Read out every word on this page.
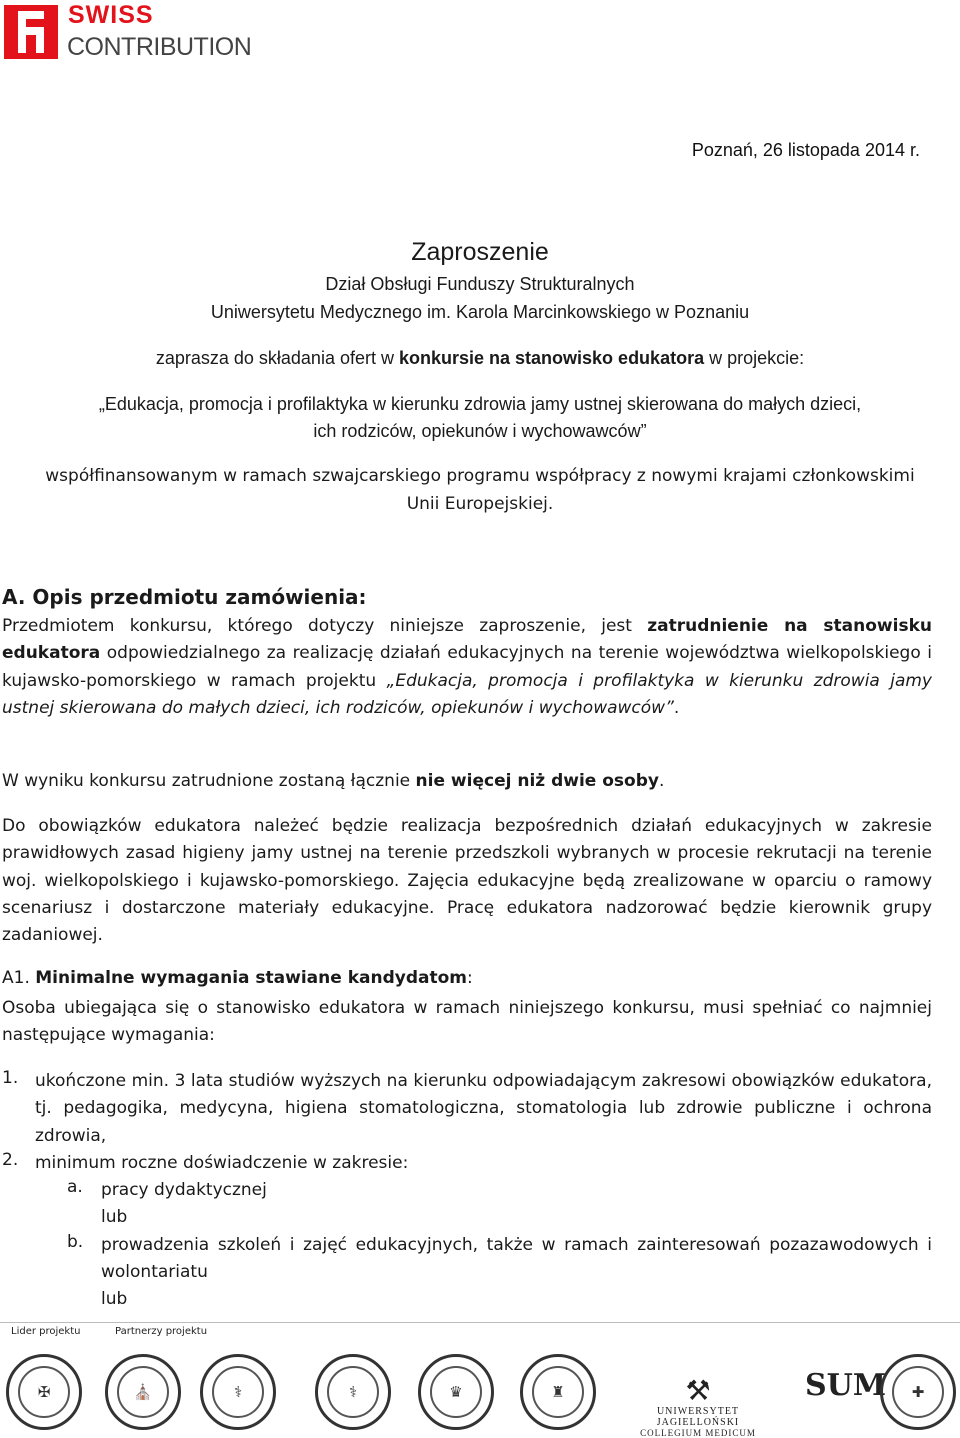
SWISS
CONTRIBUTION
Poznań, 26 listopada 2014 r.
Zaproszenie
Dział Obsługi Funduszy Strukturalnych
Uniwersytetu Medycznego im. Karola Marcinkowskiego w Poznaniu
zaprasza do składania ofert w konkursie na stanowisko edukatora w projekcie:
„Edukacja, promocja i profilaktyka w kierunku zdrowia jamy ustnej skierowana do małych dzieci,
ich rodziców, opiekunów i wychowawców”
współfinansowanym w ramach szwajcarskiego programu współpracy z nowymi krajami członkowskimi
Unii Europejskiej.
A. Opis przedmiotu zamówienia:
Przedmiotem konkursu, którego dotyczy niniejsze zaproszenie, jest zatrudnienie na stanowisku edukatora odpowiedzialnego za realizację działań edukacyjnych na terenie województwa wielkopolskiego i kujawsko-pomorskiego w ramach projektu „Edukacja, promocja i profilaktyka w kierunku zdrowia jamy ustnej skierowana do małych dzieci, ich rodziców, opiekunów i wychowawców”.
W wyniku konkursu zatrudnione zostaną łącznie nie więcej niż dwie osoby.
Do obowiązków edukatora należeć będzie realizacja bezpośrednich działań edukacyjnych w zakresie prawidłowych zasad higieny jamy ustnej na terenie przedszkoli wybranych w procesie rekrutacji na terenie woj. wielkopolskiego i kujawsko-pomorskiego. Zajęcia edukacyjne będą zrealizowane w oparciu o ramowy scenariusz i dostarczone materiały edukacyjne. Pracę edukatora nadzorować będzie kierownik grupy zadaniowej.
A1. Minimalne wymagania stawiane kandydatom:
Osoba ubiegająca się o stanowisko edukatora w ramach niniejszego konkursu, musi spełniać co najmniej następujące wymagania:
1. ukończone min. 3 lata studiów wyższych na kierunku odpowiadającym zakresowi obowiązków edukatora, tj. pedagogika, medycyna, higiena stomatologiczna, stomatologia lub zdrowie publiczne i ochrona zdrowia,
2. minimum roczne doświadczenie w zakresie:
a. pracy dydaktycznej
lub
b. prowadzenia szkoleń i zajęć edukacyjnych, także w ramach zainteresowań pozazawodowych i wolontariatu
lub
Lider projektu	Partnerzy projektu
✠	⛪	⚕	⚕	♛	♜	⚒
UNIWERSYTET JAGIELLOŃSKI
COLLEGIUM MEDICUM
SUM	✚
